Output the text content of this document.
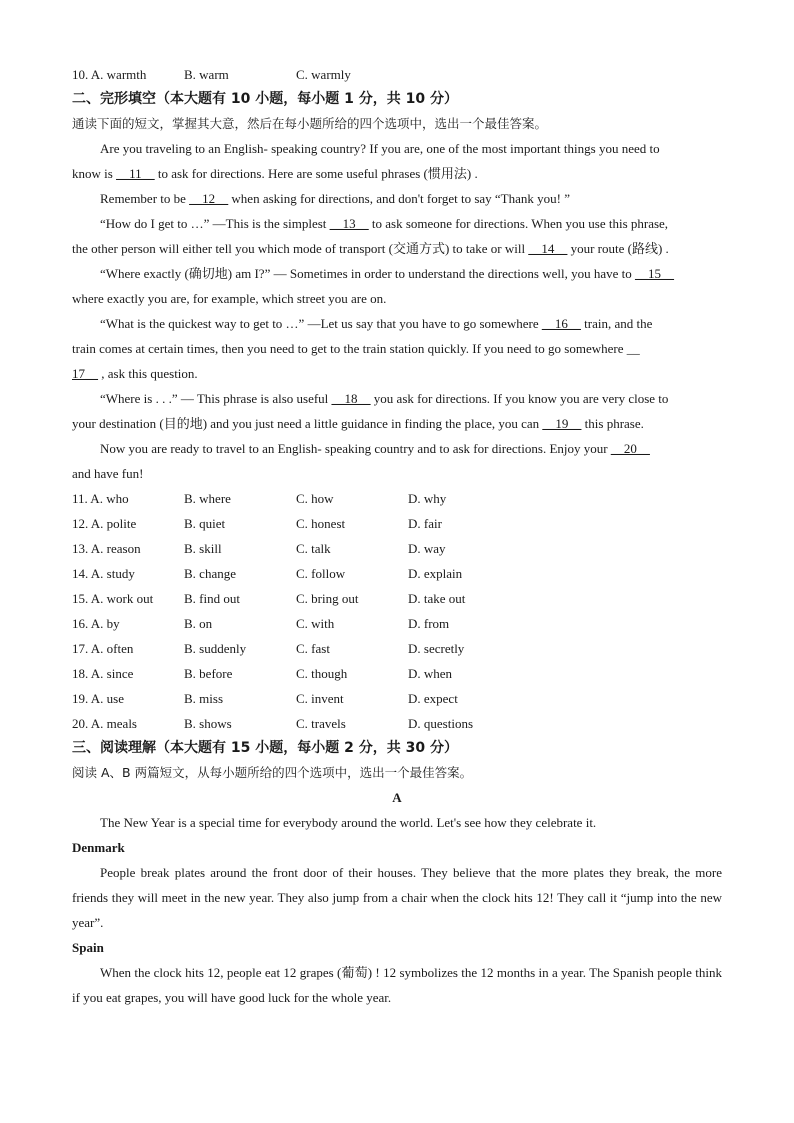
10. A. warmth	B. warm	C. warmly
二、完形填空（本大题有 10 小题，每小题 1 分，共 10 分）
通读下面的短文，掌握其大意，然后在每小题所给的四个选项中，选出一个最佳答案。
Are you traveling to an English- speaking country? If you are, one of the most important things you need to
know is __11__ to ask for directions. Here are some useful phrases (惯用法) .
Remember to be __12__ when asking for directions, and don't forget to say “Thank you! ”
“How do I get to …” —This is the simplest __13__ to ask someone for directions. When you use this phrase,
the other person will either tell you which mode of transport (交通方式) to take or will __14__ your route (路线) .
“Where exactly (确切地) am I?” — Sometimes in order to understand the directions well, you have to __15__
where exactly you are, for example, which street you are on.
“What is the quickest way to get to …” —Let us say that you have to go somewhere __16__ train, and the
train comes at certain times, then you need to get to the train station quickly. If you need to go somewhere __
17__ , ask this question.
“Where is . . .” — This phrase is also useful __18__ you ask for directions. If you know you are very close to
your destination (目的地) and you just need a little guidance in finding the place, you can __19__ this phrase.
Now you are ready to travel to an English- speaking country and to ask for directions. Enjoy your __20__
and have fun!
11. A. who	B. where	C. how	D. why
12. A. polite	B. quiet	C. honest	D. fair
13. A. reason	B. skill	C. talk	D. way
14. A. study	B. change	C. follow	D. explain
15. A. work out B. find out	C. bring out	D. take out
16. A. by	B. on	C. with	D. from
17. A. often	B. suddenly	C. fast	D. secretly
18. A. since	B. before	C. though	D. when
19. A. use	B. miss	C. invent	D. expect
20. A. meals	B. shows	C. travels	D. questions
三、阅读理解（本大题有 15 小题，每小题 2 分，共 30 分）
阅读 A、B 两篇短文，从每小题所给的四个选项中，选出一个最佳答案。
A
The New Year is a special time for everybody around the world. Let's see how they celebrate it.
Denmark
People break plates around the front door of their houses. They believe that the more plates they break, the more friends they will meet in the new year. They also jump from a chair when the clock hits 12! They call it “jump into the new year”.
Spain
When the clock hits 12, people eat 12 grapes (葡萄) ! 12 symbolizes the 12 months in a year. The Spanish people think if you eat grapes, you will have good luck for the whole year.
